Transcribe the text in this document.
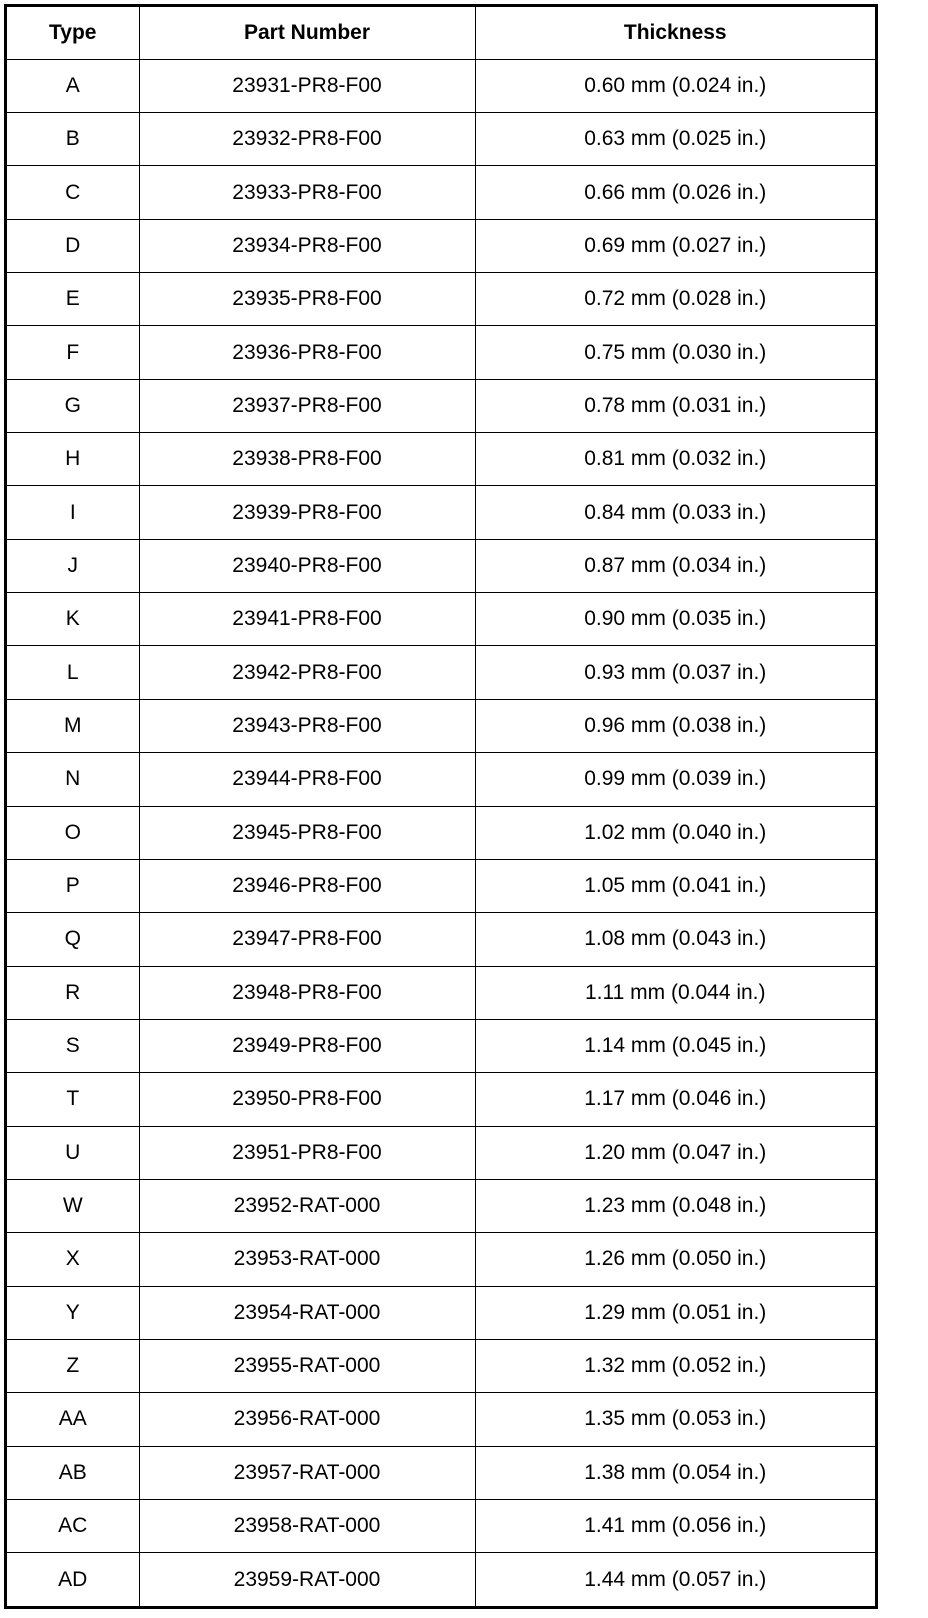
Type	Part Number	Thickness
A	23931-PR8-F00	0.60 mm (0.024 in.)
B	23932-PR8-F00	0.63 mm (0.025 in.)
C	23933-PR8-F00	0.66 mm (0.026 in.)
D	23934-PR8-F00	0.69 mm (0.027 in.)
E	23935-PR8-F00	0.72 mm (0.028 in.)
F	23936-PR8-F00	0.75 mm (0.030 in.)
G	23937-PR8-F00	0.78 mm (0.031 in.)
H	23938-PR8-F00	0.81 mm (0.032 in.)
I	23939-PR8-F00	0.84 mm (0.033 in.)
J	23940-PR8-F00	0.87 mm (0.034 in.)
K	23941-PR8-F00	0.90 mm (0.035 in.)
L	23942-PR8-F00	0.93 mm (0.037 in.)
M	23943-PR8-F00	0.96 mm (0.038 in.)
N	23944-PR8-F00	0.99 mm (0.039 in.)
O	23945-PR8-F00	1.02 mm (0.040 in.)
P	23946-PR8-F00	1.05 mm (0.041 in.)
Q	23947-PR8-F00	1.08 mm (0.043 in.)
R	23948-PR8-F00	1.11 mm (0.044 in.)
S	23949-PR8-F00	1.14 mm (0.045 in.)
T	23950-PR8-F00	1.17 mm (0.046 in.)
U	23951-PR8-F00	1.20 mm (0.047 in.)
W	23952-RAT-000	1.23 mm (0.048 in.)
X	23953-RAT-000	1.26 mm (0.050 in.)
Y	23954-RAT-000	1.29 mm (0.051 in.)
Z	23955-RAT-000	1.32 mm (0.052 in.)
AA	23956-RAT-000	1.35 mm (0.053 in.)
AB	23957-RAT-000	1.38 mm (0.054 in.)
AC	23958-RAT-000	1.41 mm (0.056 in.)
AD	23959-RAT-000	1.44 mm (0.057 in.)
